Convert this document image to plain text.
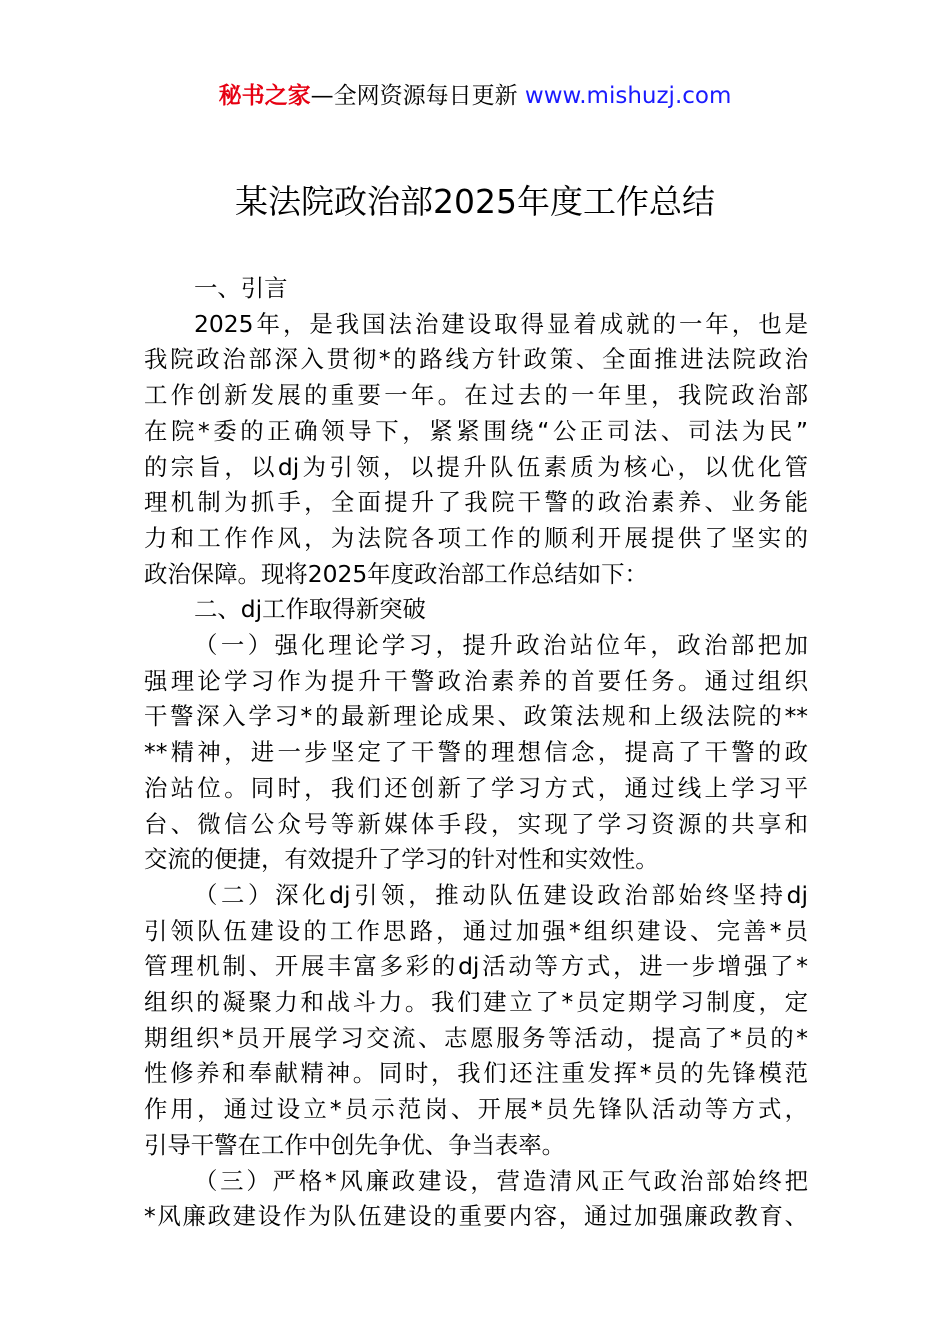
秘书之家—全网资源每日更新 www.mishuzj.com
某法院政治部2025年度工作总结

一、引言

2025年，是我国法治建设取得显着成就的一年，也是
我院政治部深入贯彻*的路线方针政策、全面推进法院政治
工作创新发展的重要一年。在过去的一年里，我院政治部
在院*委的正确领导下，紧紧围绕“公正司法、司法为民”
的宗旨，以dj为引领，以提升队伍素质为核心，以优化管
理机制为抓手，全面提升了我院干警的政治素养、业务能
力和工作作风，为法院各项工作的顺利开展提供了坚实的
政治保障。现将2025年度政治部工作总结如下：

二、dj工作取得新突破

（一）强化理论学习，提升政治站位年，政治部把加
强理论学习作为提升干警政治素养的首要任务。通过组织
干警深入学习*的最新理论成果、政策法规和上级法院的**
**精神，进一步坚定了干警的理想信念，提高了干警的政
治站位。同时，我们还创新了学习方式，通过线上学习平
台、微信公众号等新媒体手段，实现了学习资源的共享和
交流的便捷，有效提升了学习的针对性和实效性。

（二）深化dj引领，推动队伍建设政治部始终坚持dj
引领队伍建设的工作思路，通过加强*组织建设、完善*员
管理机制、开展丰富多彩的dj活动等方式，进一步增强了*
组织的凝聚力和战斗力。我们建立了*员定期学习制度，定
期组织*员开展学习交流、志愿服务等活动，提高了*员的*
性修养和奉献精神。同时，我们还注重发挥*员的先锋模范
作用，通过设立*员示范岗、开展*员先锋队活动等方式，
引导干警在工作中创先争优、争当表率。

（三）严格*风廉政建设，营造清风正气政治部始终把
*风廉政建设作为队伍建设的重要内容，通过加强廉政教育、
